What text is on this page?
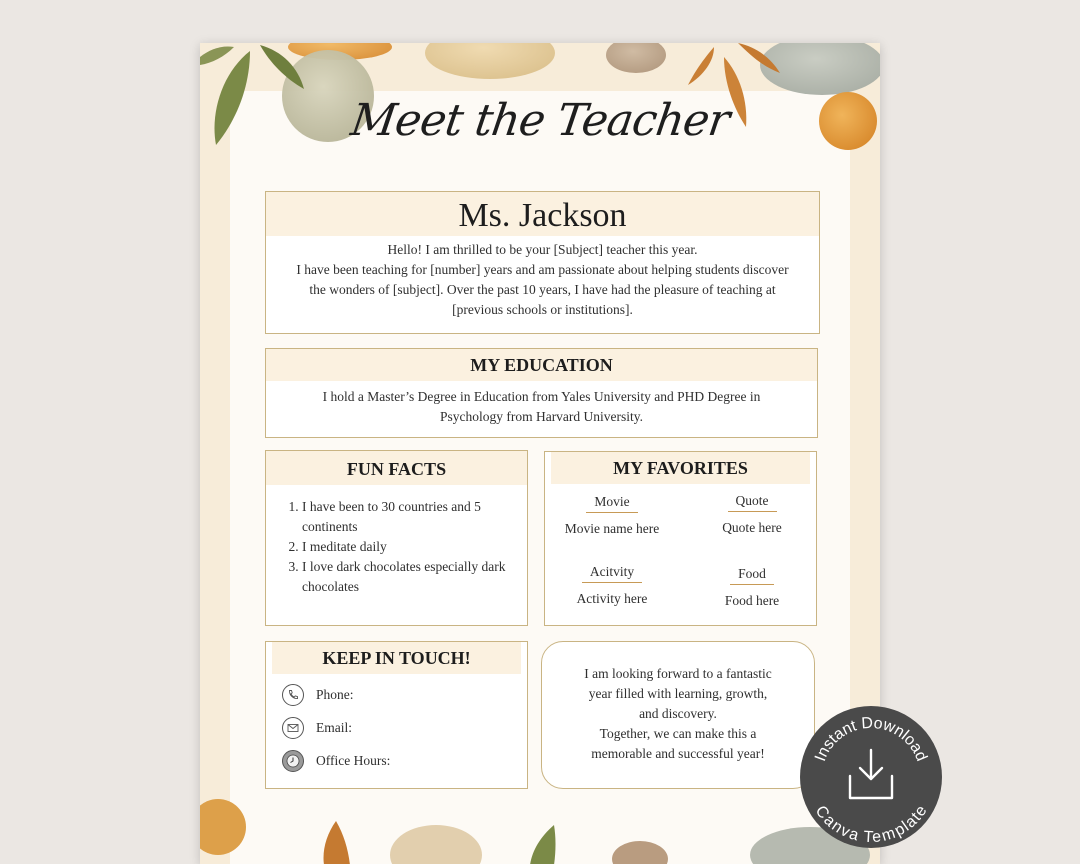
Meet the Teacher
Ms. Jackson
Hello! I am thrilled to be your [Subject] teacher this year.
I have been teaching for [number] years and am passionate about helping students discover
the wonders of [subject]. Over the past 10 years, I have had the pleasure of teaching at
[previous schools or institutions].
MY EDUCATION
I hold a Master’s Degree in Education from Yales University and PHD Degree in
Psychology from Harvard University.
FUN FACTS
1. I have been to 30 countries and 5 continents
2. I meditate daily
3. I love dark chocolates especially dark chocolates
MY FAVORITES
Movie
Movie name here
Quote
Quote here
Acitvity
Activity here
Food
Food here
KEEP IN TOUCH!
Phone:
Email:
Office Hours:
I am looking forward to a fantastic
year filled with learning, growth,
and discovery.
Together, we can make this a
memorable and successful year!	Instant Download
Canva Template
